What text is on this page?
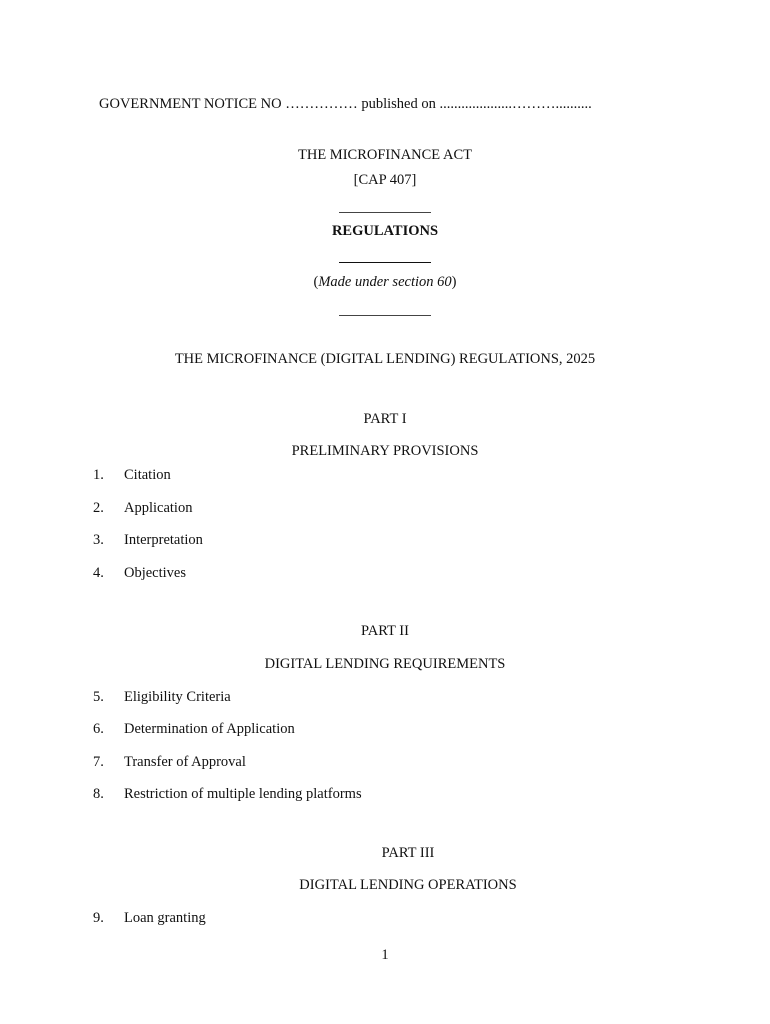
GOVERNMENT NOTICE NO …………… published on ....................………..........
THE MICROFINANCE ACT
[CAP 407]
REGULATIONS
(Made under section 60)
THE MICROFINANCE (DIGITAL LENDING) REGULATIONS, 2025
PART I
PRELIMINARY PROVISIONS
1. Citation
2. Application
3. Interpretation
4. Objectives
PART II
DIGITAL LENDING REQUIREMENTS
5. Eligibility Criteria
6. Determination of Application
7. Transfer of Approval
8. Restriction of multiple lending platforms
PART III
DIGITAL LENDING OPERATIONS
9. Loan granting
1
